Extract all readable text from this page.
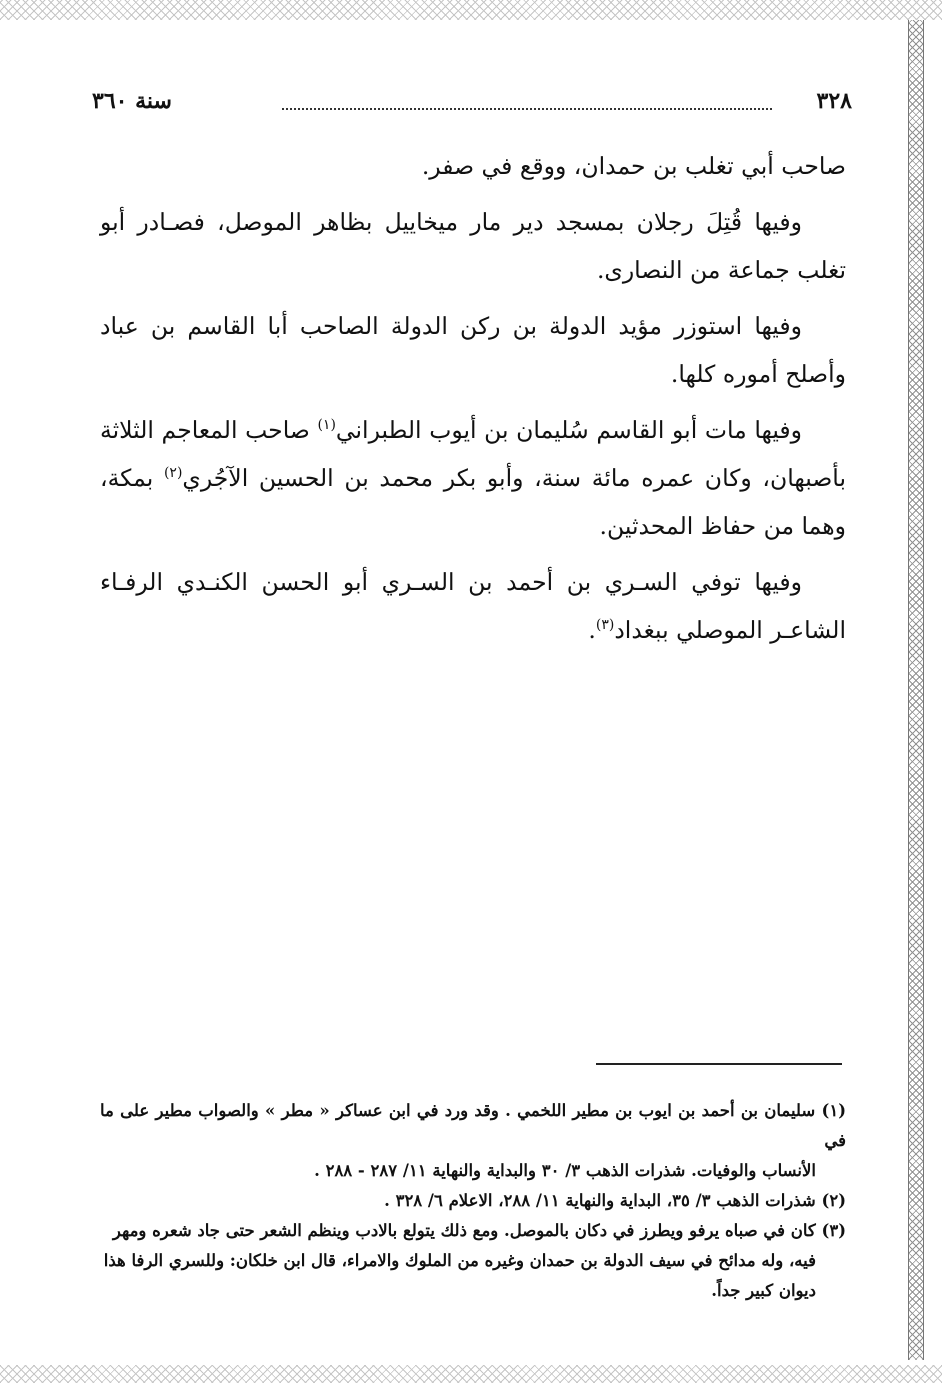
٣٢٨
سنة ٣٦٠

صاحب أبي تغلب بن حمدان، ووقع في صفر.

وفيها قُتِلَ رجلان بمسجد دير مار ميخاييل بظاهر الموصل، فصـادر أبو تغلب جماعة من النصارى.

وفيها استوزر مؤيد الدولة بن ركن الدولة الصاحب أبا القاسم بن عباد وأصلح أموره كلها.

وفيها مات أبو القاسم سُليمان بن أيوب الطبراني$^{(١)}$ صاحب المعاجم الثلاثة بأصبهان، وكان عمره مائة سنة، وأبو بكر محمد بن الحسين الآجُري$^{(٢)}$ بمكة، وهما من حفاظ المحدثين.

وفيها توفي السـري بن أحمد بن السـري أبو الحسن الكنـدي الرفـاء الشاعـر الموصلي ببغداد$^{(٣)}$.

(١) سليمان بن أحمد بن ايوب بن مطير اللخمي . وقد ورد في ابن عساكر « مطر » والصواب مطير على ما في
الأنساب والوفيات. شذرات الذهب ٣/ ٣٠ والبداية والنهاية ١١/ ٢٨٧ - ٢٨٨ .

(٢) شذرات الذهب ٣/ ٣٥، البداية والنهاية ١١/ ٢٨٨، الاعلام ٦/ ٣٢٨ .

(٣) كان في صباه يرفو ويطرز في دكان بالموصل. ومع ذلك يتولع بالادب وينظم الشعر حتى جاد شعره ومهر
فيه، وله مدائح في سيف الدولة بن حمدان وغيره من الملوك والامراء، قال ابن خلكان: وللسري الرفا هذا
ديوان كبير جداً.
